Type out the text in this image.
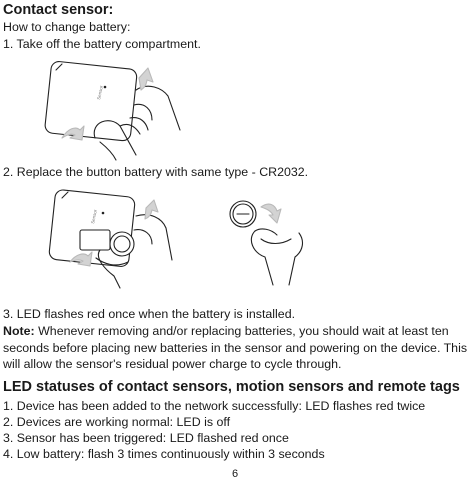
Contact sensor:
How to change battery:
1. Take off the battery compartment.
Sensor
2. Replace the button battery with same type - CR2032.
Sensor
3. LED flashes red once when the battery is installed.
Note: Whenever removing and/or replacing batteries, you should wait at least ten
seconds before placing new batteries in the sensor and powering on the device. This
will allow the sensor's residual power charge to cycle through.
LED statuses of contact sensors, motion sensors and remote tags
1. Device has been added to the network successfully: LED flashes red twice
2. Devices are working normal: LED is off
3. Sensor has been triggered: LED flashed red once
4. Low battery: flash 3 times continuously within 3 seconds
6
